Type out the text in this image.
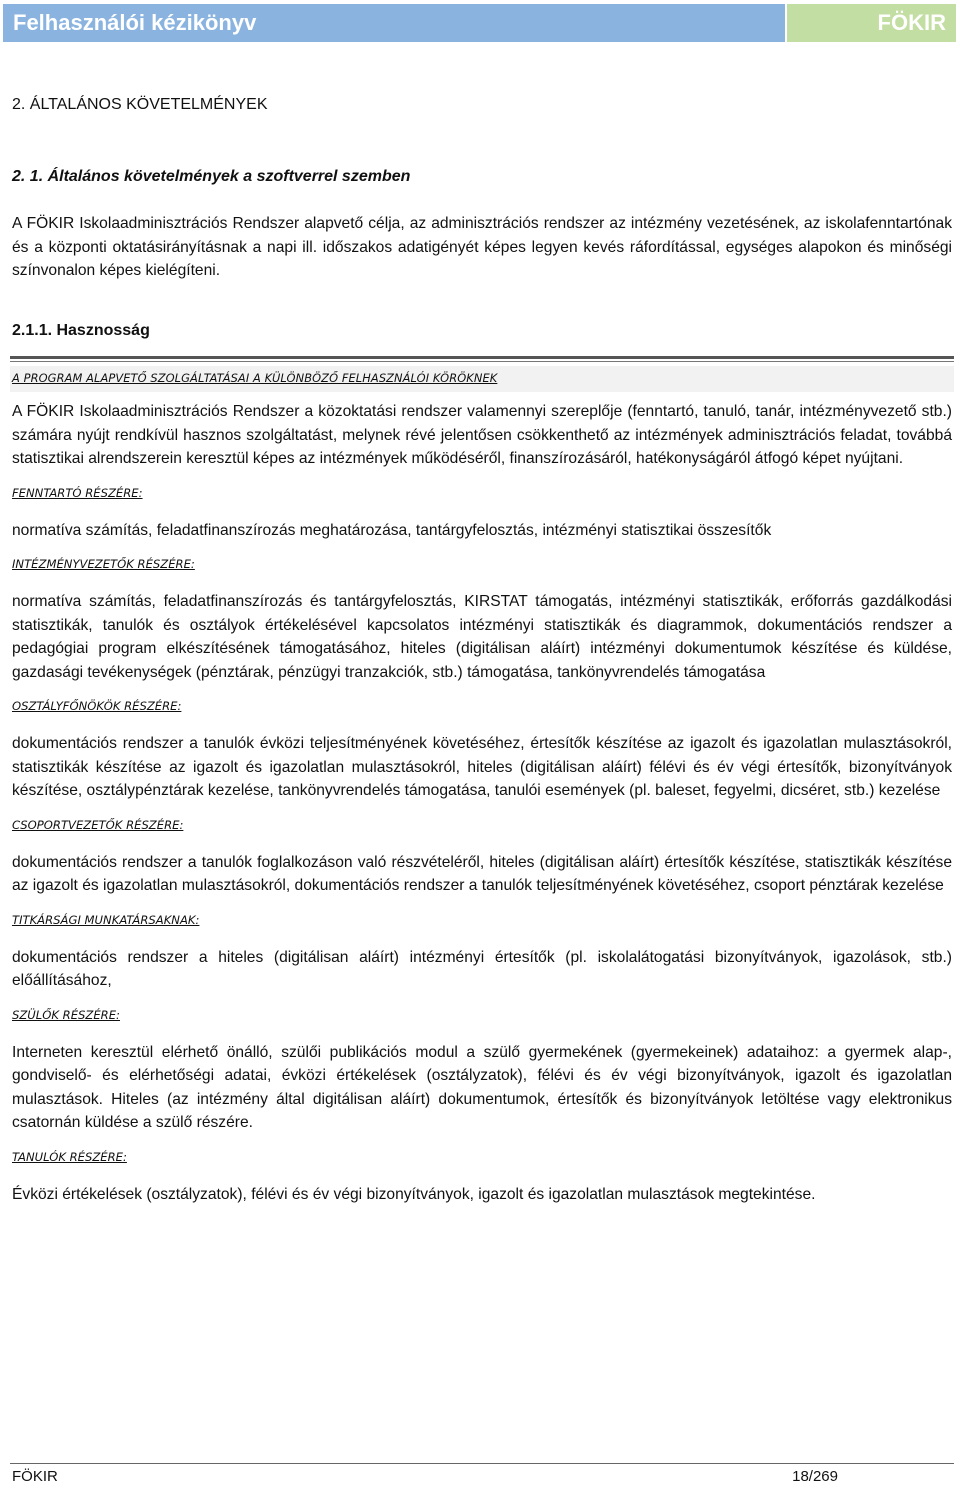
Felhasználói kézikönyv	FÖKIR
2. ÁLTALÁNOS KÖVETELMÉNYEK
2. 1. Általános követelmények a szoftverrel szemben

A FÖKIR Iskolaadminisztrációs Rendszer alapvető célja, az adminisztrációs rendszer az intézmény vezetésének, az iskolafenntartónak és a központi oktatásirányításnak a napi ill. időszakos adatigényét képes legyen kevés ráfordítással, egységes alapokon és minőségi színvonalon képes kielégíteni.

2.1.1. Hasznosság
A PROGRAM ALAPVETŐ SZOLGÁLTATÁSAI A KÜLÖNBÖZŐ FELHASZNÁLÓI KÖRÖKNEK

A FÖKIR Iskolaadminisztrációs Rendszer a közoktatási rendszer valamennyi szereplője (fenntartó, tanuló, tanár, intézményvezető stb.) számára nyújt rendkívül hasznos szolgáltatást, melynek révé jelentősen csökkenthető az intézmények adminisztrációs feladat, továbbá statisztikai alrendszerein keresztül képes az intézmények működéséről, finanszírozásáról, hatékonyságáról átfogó képet nyújtani.

FENNTARTÓ RÉSZÉRE:

normatíva számítás, feladatfinanszírozás meghatározása, tantárgyfelosztás, intézményi statisztikai összesítők

INTÉZMÉNYVEZETŐK RÉSZÉRE:

normatíva számítás, feladatfinanszírozás és tantárgyfelosztás, KIRSTAT támogatás, intézményi statisztikák, erőforrás gazdálkodási statisztikák, tanulók és osztályok értékelésével kapcsolatos intézményi statisztikák és diagrammok, dokumentációs rendszer a pedagógiai program elkészítésének támogatásához, hiteles (digitálisan aláírt) intézményi dokumentumok készítése és küldése, gazdasági tevékenységek (pénztárak, pénzügyi tranzakciók, stb.) támogatása, tankönyvrendelés támogatása

OSZTÁLYFŐNÖKÖK RÉSZÉRE:

dokumentációs rendszer a tanulók évközi teljesítményének követéséhez, értesítők készítése az igazolt és igazolatlan mulasztásokról, statisztikák készítése az igazolt és igazolatlan mulasztásokról, hiteles (digitálisan aláírt) félévi és év végi értesítők, bizonyítványok készítése, osztálypénztárak kezelése, tankönyvrendelés támogatása, tanulói események (pl. baleset, fegyelmi, dicséret, stb.) kezelése

CSOPORTVEZETŐK RÉSZÉRE:

dokumentációs rendszer a tanulók foglalkozáson való részvételéről, hiteles (digitálisan aláírt) értesítők készítése, statisztikák készítése az igazolt és igazolatlan mulasztásokról, dokumentációs rendszer a tanulók teljesítményének követéséhez, csoport pénztárak kezelése

TITKÁRSÁGI MUNKATÁRSAKNAK:

dokumentációs rendszer a hiteles (digitálisan aláírt) intézményi értesítők (pl. iskolalátogatási bizonyítványok, igazolások, stb.) előállításához,

SZÜLŐK RÉSZÉRE:

Interneten keresztül elérhető önálló, szülői publikációs modul a szülő gyermekének (gyermekeinek) adataihoz: a gyermek alap-, gondviselő- és elérhetőségi adatai, évközi értékelések (osztályzatok), félévi és év végi bizonyítványok, igazolt és igazolatlan mulasztások. Hiteles (az intézmény által digitálisan aláírt) dokumentumok, értesítők és bizonyítványok letöltése vagy elektronikus csatornán küldése a szülő részére.

TANULÓK RÉSZÉRE:

Évközi értékelések (osztályzatok), félévi és év végi bizonyítványok, igazolt és igazolatlan mulasztások megtekintése.

FÖKIR	18/269
